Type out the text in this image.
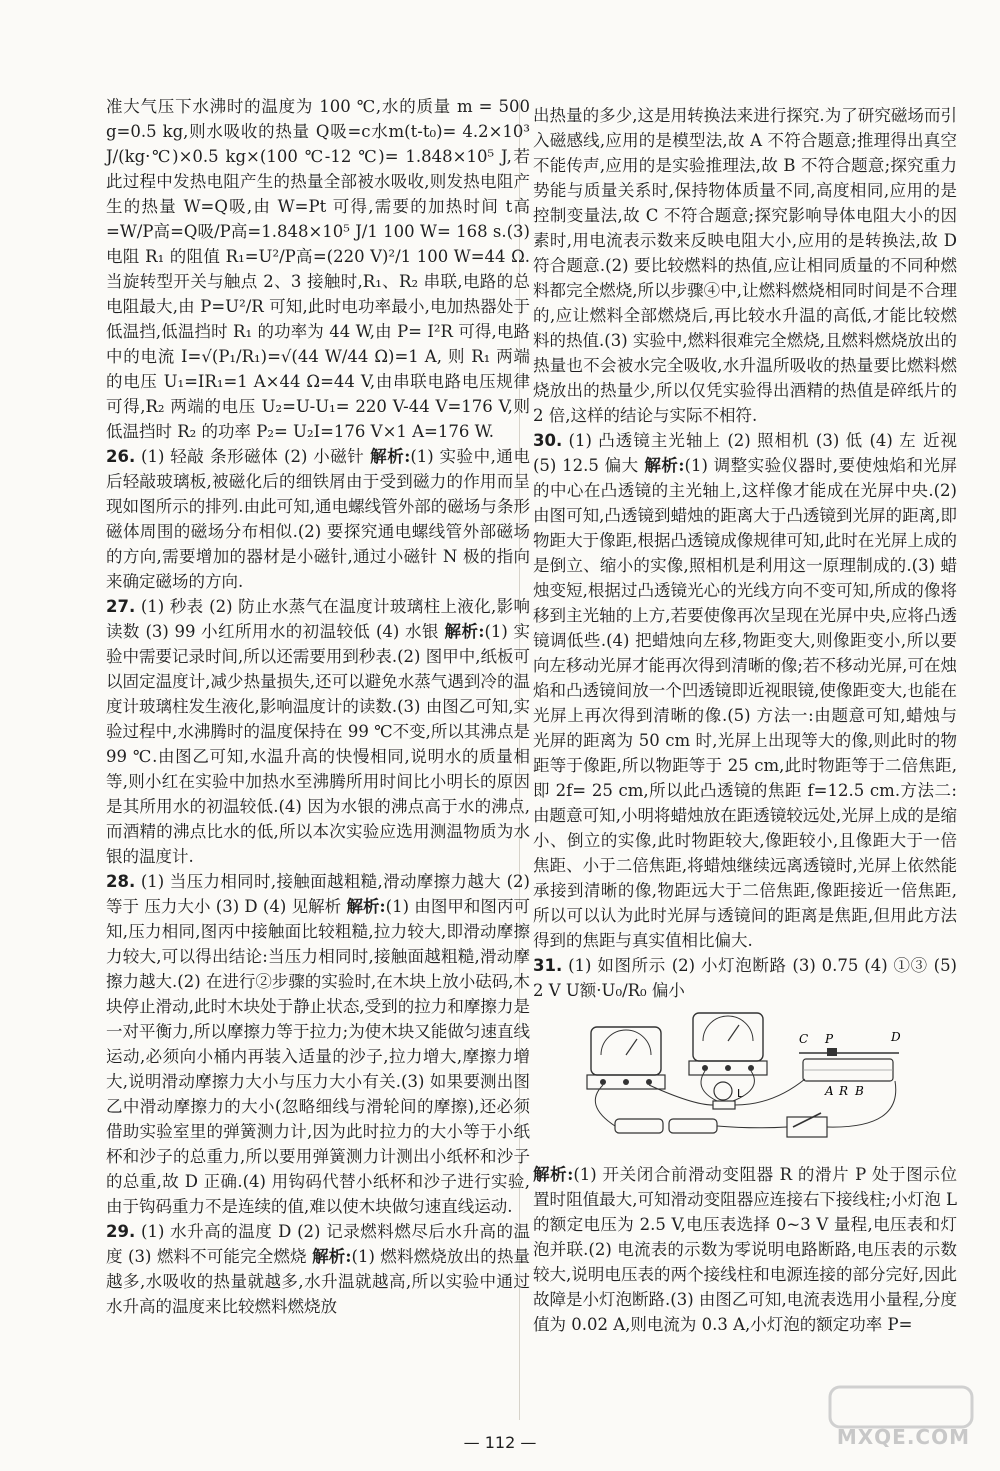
准大气压下水沸时的温度为 100 ℃,水的质量 m = 500 g=0.5 kg,则水吸收的热量 Q吸=c水m(t-t₀)= 4.2×10³ J/(kg·℃)×0.5 kg×(100 ℃-12 ℃)= 1.848×10⁵ J,若此过程中发热电阻产生的热量全部被水吸收,则发热电阻产生的热量 W=Q吸,由 W=Pt 可得,需要的加热时间 t高=W/P高=Q吸/P高=1.848×10⁵ J/1 100 W= 168 s.(3)电阻 R₁ 的阻值 R₁=U²/P高=(220 V)²/1 100 W=44 Ω. 当旋转型开关与触点 2、3 接触时,R₁、R₂ 串联,电路的总电阻最大,由 P=U²/R 可知,此时电功率最小,电加热器处于低温挡,低温挡时 R₁ 的功率为 44 W,由 P= I²R 可得,电路中的电流 I=√(P₁/R₁)=√(44 W/44 Ω)=1 A, 则 R₁ 两端的电压 U₁=IR₁=1 A×44 Ω=44 V,由串联电路电压规律可得,R₂ 两端的电压 U₂=U-U₁= 220 V-44 V=176 V,则低温挡时 R₂ 的功率 P₂= U₂I=176 V×1 A=176 W.

26. (1) 轻敲 条形磁体 (2) 小磁针 解析:(1) 实验中,通电后轻敲玻璃板,被磁化后的细铁屑由于受到磁力的作用而呈现如图所示的排列.由此可知,通电螺线管外部的磁场与条形磁体周围的磁场分布相似.(2) 要探究通电螺线管外部磁场的方向,需要增加的器材是小磁针,通过小磁针 N 极的指向来确定磁场的方向.
27. (1) 秒表 (2) 防止水蒸气在温度计玻璃柱上液化,影响读数 (3) 99 小红所用水的初温较低 (4) 水银 解析:(1) 实验中需要记录时间,所以还需要用到秒表.(2) 图甲中,纸板可以固定温度计,减少热量损失,还可以避免水蒸气遇到冷的温度计玻璃柱发生液化,影响温度计的读数.(3) 由图乙可知,实验过程中,水沸腾时的温度保持在 99 ℃不变,所以其沸点是 99 ℃.由图乙可知,水温升高的快慢相同,说明水的质量相等,则小红在实验中加热水至沸腾所用时间比小明长的原因是其所用水的初温较低.(4) 因为水银的沸点高于水的沸点,而酒精的沸点比水的低,所以本次实验应选用测温物质为水银的温度计.
28. (1) 当压力相同时,接触面越粗糙,滑动摩擦力越大 (2) 等于 压力大小 (3) D (4) 见解析 解析:(1) 由图甲和图丙可知,压力相同,图丙中接触面比较粗糙,拉力较大,即滑动摩擦力较大,可以得出结论:当压力相同时,接触面越粗糙,滑动摩擦力越大.(2) 在进行②步骤的实验时,在木块上放小砝码,木块停止滑动,此时木块处于静止状态,受到的拉力和摩擦力是一对平衡力,所以摩擦力等于拉力;为使木块又能做匀速直线运动,必须向小桶内再装入适量的沙子,拉力增大,摩擦力增大,说明滑动摩擦力大小与压力大小有关.(3) 如果要测出图乙中滑动摩擦力的大小(忽略细线与滑轮间的摩擦),还必须借助实验室里的弹簧测力计,因为此时拉力的大小等于小纸杯和沙子的总重力,所以要用弹簧测力计测出小纸杯和沙子的总重,故 D 正确.(4) 用钩码代替小纸杯和沙子进行实验,由于钩码重力不是连续的值,难以使木块做匀速直线运动.
29. (1) 水升高的温度 D (2) 记录燃料燃尽后水升高的温度 (3) 燃料不可能完全燃烧 解析:(1) 燃料燃烧放出的热量越多,水吸收的热量就越多,水升温就越高,所以实验中通过水升高的温度来比较燃料燃烧放

出热量的多少,这是用转换法来进行探究.为了研究磁场而引入磁感线,应用的是模型法,故 A 不符合题意;推理得出真空不能传声,应用的是实验推理法,故 B 不符合题意;探究重力势能与质量关系时,保持物体质量不同,高度相同,应用的是控制变量法,故 C 不符合题意;探究影响导体电阻大小的因素时,用电流表示数来反映电阻大小,应用的是转换法,故 D 符合题意.(2) 要比较燃料的热值,应让相同质量的不同种燃料都完全燃烧,所以步骤④中,让燃料燃烧相同时间是不合理的,应让燃料全部燃烧后,再比较水升温的高低,才能比较燃料的热值.(3) 实验中,燃料很难完全燃烧,且燃料燃烧放出的热量也不会被水完全吸收,水升温所吸收的热量要比燃料燃烧放出的热量少,所以仅凭实验得出酒精的热值是碎纸片的 2 倍,这样的结论与实际不相符.

30. (1) 凸透镜主光轴上 (2) 照相机 (3) 低 (4) 左 近视 (5) 12.5 偏大 解析:(1) 调整实验仪器时,要使烛焰和光屏的中心在凸透镜的主光轴上,这样像才能成在光屏中央.(2) 由图可知,凸透镜到蜡烛的距离大于凸透镜到光屏的距离,即物距大于像距,根据凸透镜成像规律可知,此时在光屏上成的是倒立、缩小的实像,照相机是利用这一原理制成的.(3) 蜡烛变短,根据过凸透镜光心的光线方向不变可知,所成的像将移到主光轴的上方,若要使像再次呈现在光屏中央,应将凸透镜调低些.(4) 把蜡烛向左移,物距变大,则像距变小,所以要向左移动光屏才能再次得到清晰的像;若不移动光屏,可在烛焰和凸透镜间放一个凹透镜即近视眼镜,使像距变大,也能在光屏上再次得到清晰的像.(5) 方法一:由题意可知,蜡烛与光屏的距离为 50 cm 时,光屏上出现等大的像,则此时的物距等于像距,所以物距等于 25 cm,此时物距等于二倍焦距,即 2f= 25 cm,所以此凸透镜的焦距 f=12.5 cm.方法二:由题意可知,小明将蜡烛放在距透镜较远处,光屏上成的是缩小、倒立的实像,此时物距较大,像距较小,且像距大于一倍焦距、小于二倍焦距,将蜡烛继续远离透镜时,光屏上依然能承接到清晰的像,物距远大于二倍焦距,像距接近一倍焦距,所以可以认为此时光屏与透镜间的距离是焦距,但用此方法得到的焦距与真实值相比偏大.
31. (1) 如图所示 (2) 小灯泡断路 (3) 0.75 (4) ①③ (5) 2 V U额·U₀/R₀ 偏小
L
C P	D
A R B
解析:(1) 开关闭合前滑动变阻器 R 的滑片 P 处于图示位置时阻值最大,可知滑动变阻器应连接右下接线柱;小灯泡 L 的额定电压为 2.5 V,电压表选择 0~3 V 量程,电压表和灯泡并联.(2) 电流表的示数为零说明电路断路,电压表的示数较大,说明电压表的两个接线柱和电源连接的部分完好,因此故障是小灯泡断路.(3) 由图乙可知,电流表选用小量程,分度值为 0.02 A,则电流为 0.3 A,小灯泡的额定功率 P=
— 112 —	MXQE.COM
